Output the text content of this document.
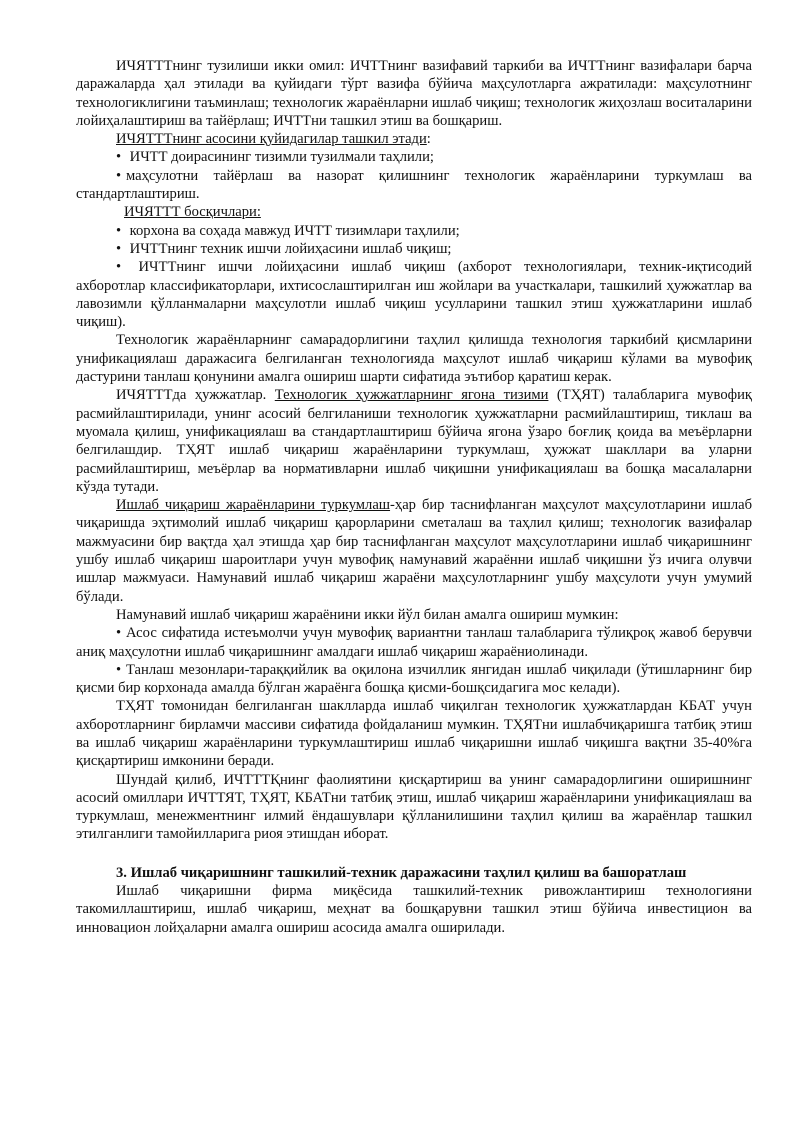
ИЧЯТТТнинг тузилиши икки омил: ИЧТТнинг вазифавий таркиби ва ИЧТТнинг вазифалари барча даражаларда ҳал этилади ва қуйидаги тўрт вазифа бўйича маҳсулотларга ажратилади: маҳсулотнинг технологиклигини таъминлаш; технологик жараёнларни ишлаб чиқиш; технологик жиҳозлаш воситаларини лойиҳалаштириш ва тайёрлаш; ИЧТТни ташкил этиш ва бошқариш.

ИЧЯТТТнинг асосини қуйидагилар ташкил этади:

• ИЧТТ доирасининг тизимли тузилмали таҳлили;

• маҳсулотни тайёрлаш ва назорат қилишнинг технологик жараёнларини туркумлаш ва стандартлаштириш.

ИЧЯТТТ босқичлари:

• корхона ва соҳада мавжуд ИЧТТ тизимлари таҳлили;

• ИЧТТнинг техник ишчи лойиҳасини ишлаб чиқиш;

• ИЧТТнинг ишчи лойиҳасини ишлаб чиқиш (ахборот технологиялари, техник-иқтисодий ахборотлар классификаторлари, ихтисослаштирилган иш жойлари ва участкалари, ташкилий ҳужжатлар ва лавозимли қўлланмаларни маҳсулотли ишлаб чиқиш усулларини ташкил этиш ҳужжатларини ишлаб чиқиш).

Технологик жараёнларнинг самарадорлигини таҳлил қилишда технология таркибий қисмларини унификациялаш даражасига белгиланган технологияда маҳсулот ишлаб чиқариш кўлами ва мувофиқ дастурини танлаш қонунини амалга ошириш шарти сифатида эътибор қаратиш керак.

ИЧЯТТТда ҳужжатлар. Технологик ҳужжатларнинг ягона тизими (ТҲЯТ) талабларига мувофиқ расмийлаштирилади, унинг асосий белгиланиши технологик ҳужжатларни расмийлаштириш, тиклаш ва муомала қилиш, унификациялаш ва стандартлаштириш бўйича ягона ўзаро боғлиқ қоида ва меъёрларни белгилашдир. ТҲЯТ ишлаб чиқариш жараёнларини туркумлаш, ҳужжат шакллари ва уларни расмийлаштириш, меъёрлар ва нормативларни ишлаб чиқишни унификациялаш ва бошқа масалаларни кўзда тутади.

Ишлаб чиқариш жараёнларини туркумлаш-ҳар бир таснифланган маҳсулот маҳсулотларини ишлаб чиқаришда эҳтимолий ишлаб чиқариш қарорларини сметалаш ва таҳлил қилиш; технологик вазифалар мажмуасини бир вақтда ҳал этишда ҳар бир таснифланган маҳсулот маҳсулотларини ишлаб чиқаришнинг ушбу ишлаб чиқариш шароитлари учун мувофиқ намунавий жараённи ишлаб чиқишни ўз ичига олувчи ишлар мажмуаси. Намунавий ишлаб чиқариш жараёни маҳсулотларнинг ушбу маҳсулоти учун умумий бўлади.

Намунавий ишлаб чиқариш жараёнини икки йўл билан амалга ошириш мумкин:

• Асос сифатида истеъмолчи учун мувофиқ вариантни танлаш талабларига тўлиқроқ жавоб берувчи аниқ маҳсулотни ишлаб чиқаришнинг амалдаги ишлаб чиқариш жараёниолинади.

• Танлаш мезонлари-тараққийлик ва оқилона изчиллик янгидан ишлаб чиқилади (ўтишларнинг бир қисми бир корхонада амалда бўлган жараёнга бошқа қисми-бошқсидагига мос келади).

ТҲЯТ томонидан белгиланган шаклларда ишлаб чиқилган технологик ҳужжатлардан КБАТ учун ахборотларнинг бирламчи массиви сифатида фойдаланиш мумкин. ТҲЯТни ишлабчиқаришга татбиқ этиш ва ишлаб чиқариш жараёнларини туркумлаштириш ишлаб чиқаришни ишлаб чиқишга вақтни 35-40%га қисқартириш имконини беради.

Шундай қилиб, ИЧТТТҚнинг фаолиятини қисқартириш ва унинг самарадорлигини оширишнинг асосий омиллари ИЧТТЯТ, ТҲЯТ, КБАТни татбиқ этиш, ишлаб чиқариш жараёнларини унификациялаш ва туркумлаш, менежментнинг илмий ёндашувлари қўлланилишини таҳлил қилиш ва жараёнлар ташкил этилганлиги тамойилларига риоя этишдан иборат.

3. Ишлаб чиқаришнинг ташкилий-техник даражасини таҳлил қилиш ва башоратлаш

Ишлаб чиқаришни фирма миқёсида ташкилий-техник ривожлантириш технологияни такомиллаштириш, ишлаб чиқариш, меҳнат ва бошқарувни ташкил этиш бўйича инвестицион ва инновацион лойҳаларни амалга ошириш асосида амалга оширилади.
